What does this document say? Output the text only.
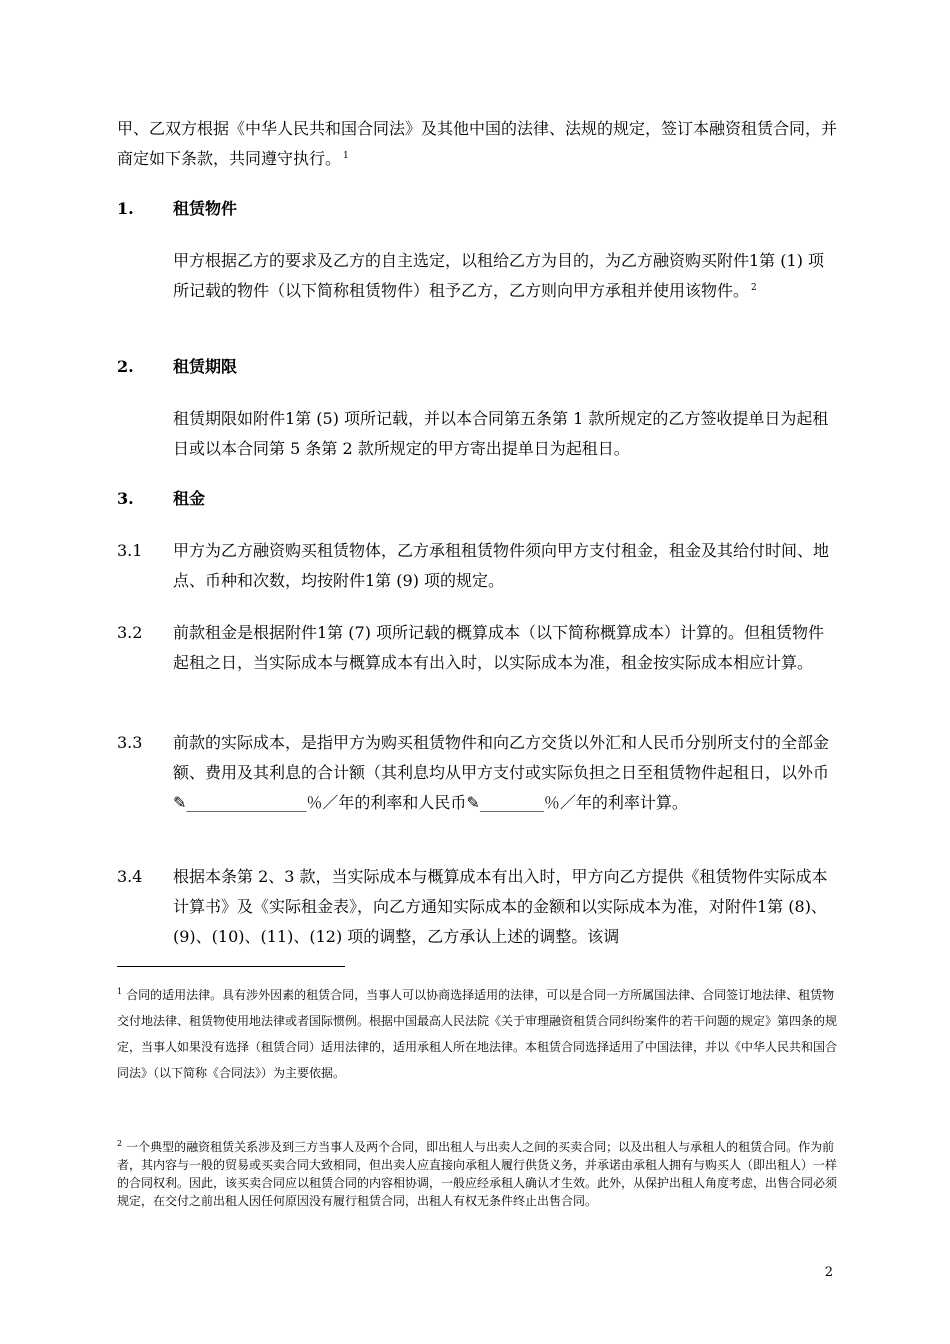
甲、乙双方根据《中华人民共和国合同法》及其他中国的法律、法规的规定，签订本融资租赁合同，并商定如下条款，共同遵守执行。 $^1$

1.	租赁物件

甲方根据乙方的要求及乙方的自主选定，以租给乙方为目的，为乙方融资购买附件1第 (1) 项所记载的物件（以下简称租赁物件）租予乙方，乙方则向甲方承租并使用该物件。 $^2$

2.	租赁期限

租赁期限如附件1第 (5) 项所记载，并以本合同第五条第 1 款所规定的乙方签收提单日为起租日或以本合同第 5 条第 2 款所规定的甲方寄出提单日为起租日。

3.	租金
3.1	甲方为乙方融资购买租赁物体，乙方承租租赁物件须向甲方支付租金，租金及其给付时间、地点、币种和次数，均按附件1第 (9) 项的规定。
3.2	前款租金是根据附件1第 (7) 项所记载的概算成本（以下简称概算成本）计算的。但租赁物件起租之日，当实际成本与概算成本有出入时，以实际成本为准，租金按实际成本相应计算。
3.3	前款的实际成本，是指甲方为购买租赁物件和向乙方交货以外汇和人民币分别所支付的全部金额、费用及其利息的合计额（其利息均从甲方支付或实际负担之日至租赁物件起租日，以外币✎_______________％／年的利率和人民币✎________％／年的利率计算。
3.4	根据本条第 2、3 款，当实际成本与概算成本有出入时，甲方向乙方提供《租赁物件实际成本计算书》及《实际租金表》，向乙方通知实际成本的金额和以实际成本为准，对附件1第 (8)、(9)、(10)、(11)、(12) 项的调整，乙方承认上述的调整。该调
$^1$ 合同的适用法律。具有涉外因素的租赁合同，当事人可以协商选择适用的法律，可以是合同一方所属国法律、合同签订地法律、租赁物交付地法律、租赁物使用地法律或者国际惯例。根据中国最高人民法院《关于审理融资租赁合同纠纷案件的若干问题的规定》第四条的规定，当事人如果没有选择（租赁合同）适用法律的，适用承租人所在地法律。本租赁合同选择适用了中国法律，并以《中华人民共和国合同法》（以下简称《合同法》）为主要依据。
$^2$ 一个典型的融资租赁关系涉及到三方当事人及两个合同，即出租人与出卖人之间的买卖合同；以及出租人与承租人的租赁合同。作为前者，其内容与一般的贸易或买卖合同大致相同，但出卖人应直接向承租人履行供货义务，并承诺由承租人拥有与购买人（即出租人）一样的合同权利。因此，该买卖合同应以租赁合同的内容相协调，一般应经承租人确认才生效。此外，从保护出租人角度考虑，出售合同必须规定，在交付之前出租人因任何原因没有履行租赁合同，出租人有权无条件终止出售合同。
2
